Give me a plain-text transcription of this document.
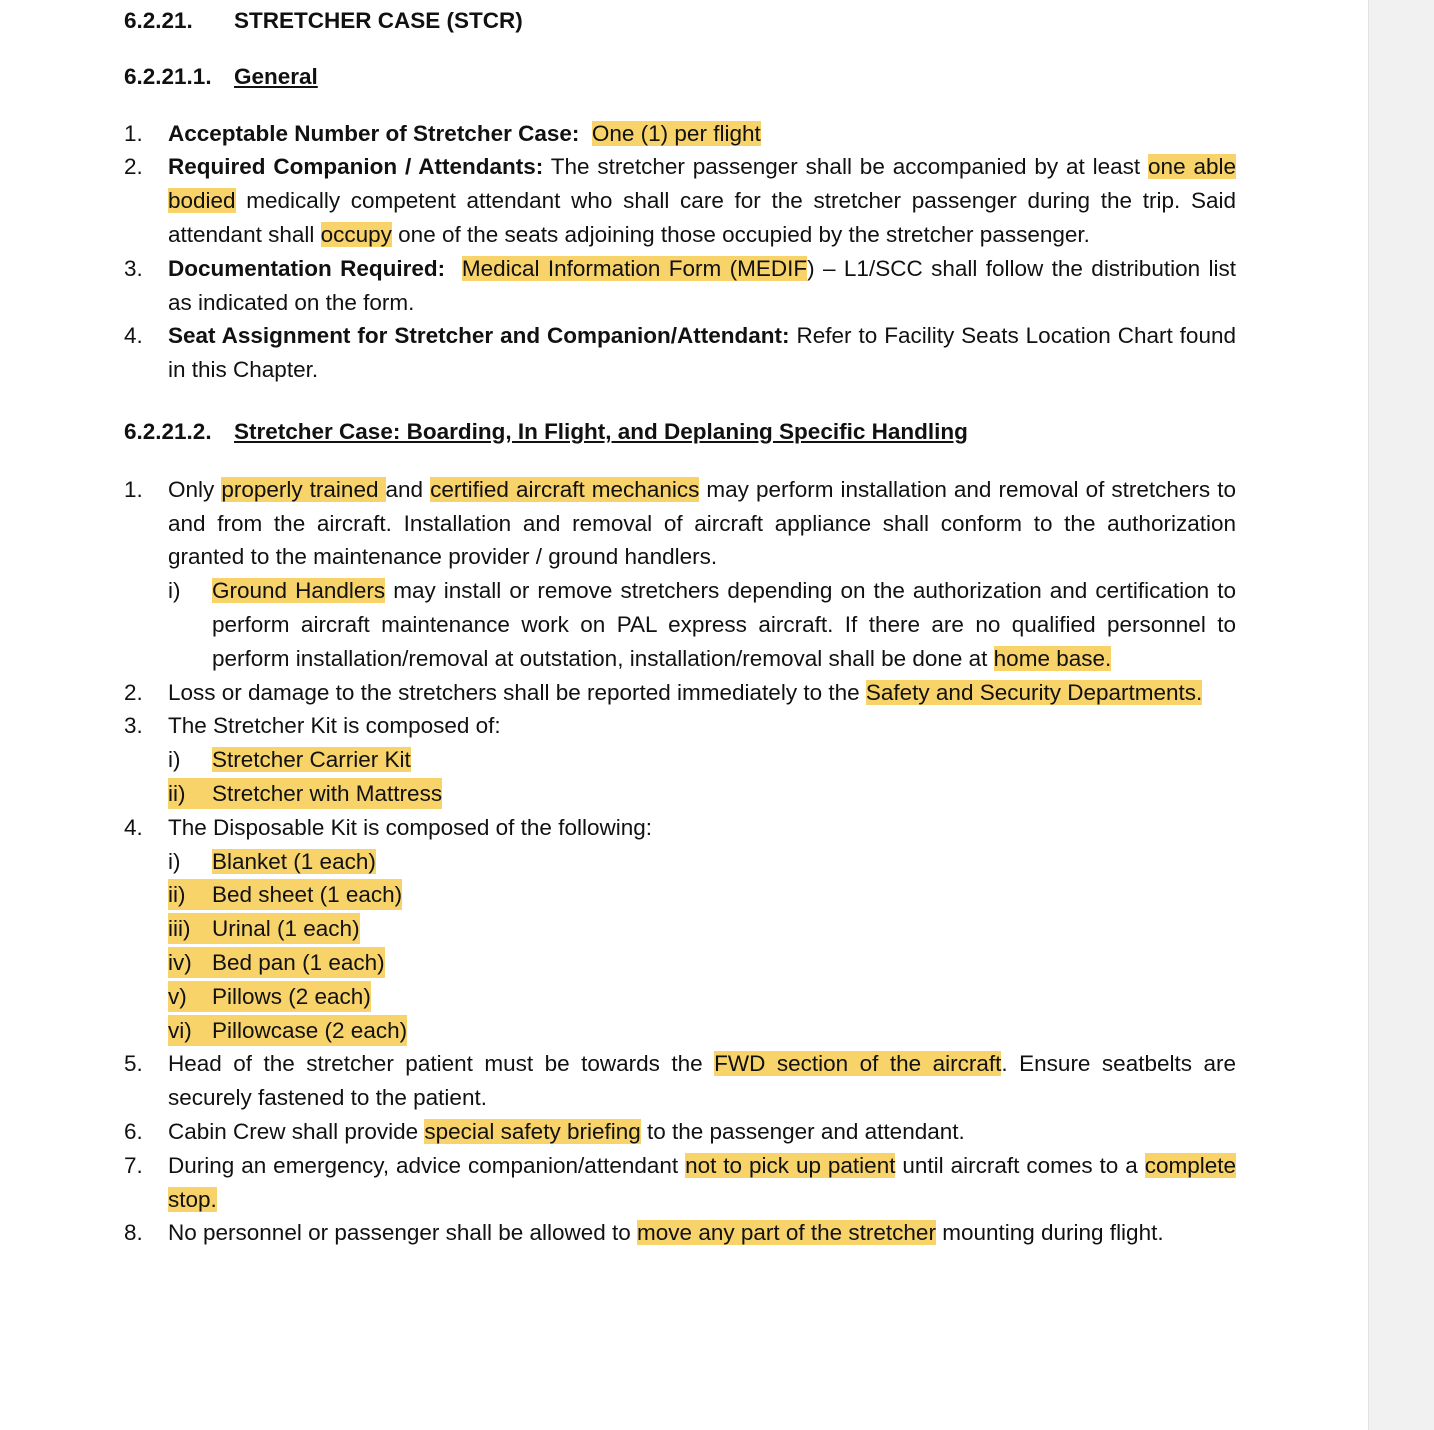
6.2.21. STRETCHER CASE (STCR)

6.2.21.1. General

1. Acceptable Number of Stretcher Case: One (1) per flight
2. Required Companion / Attendants: The stretcher passenger shall be accompanied by at least one able bodied medically competent attendant who shall care for the stretcher passenger during the trip. Said attendant shall occupy one of the seats adjoining those occupied by the stretcher passenger.
3. Documentation Required: Medical Information Form (MEDIF) – L1/SCC shall follow the distribution list as indicated on the form.
4. Seat Assignment for Stretcher and Companion/Attendant: Refer to Facility Seats Location Chart found in this Chapter.

6.2.21.2. Stretcher Case: Boarding, In Flight, and Deplaning Specific Handling

1. Only properly trained and certified aircraft mechanics may perform installation and removal of stretchers to and from the aircraft. Installation and removal of aircraft appliance shall conform to the authorization granted to the maintenance provider / ground handlers.
i) Ground Handlers may install or remove stretchers depending on the authorization and certification to perform aircraft maintenance work on PAL express aircraft. If there are no qualified personnel to perform installation/removal at outstation, installation/removal shall be done at home base.
2. Loss or damage to the stretchers shall be reported immediately to the Safety and Security Departments.
3. The Stretcher Kit is composed of:
i) Stretcher Carrier Kit
ii) Stretcher with Mattress
4. The Disposable Kit is composed of the following:
i) Blanket (1 each)
ii) Bed sheet (1 each)
iii) Urinal (1 each)
iv) Bed pan (1 each)
v) Pillows (2 each)
vi) Pillowcase (2 each)
5. Head of the stretcher patient must be towards the FWD section of the aircraft. Ensure seatbelts are securely fastened to the patient.
6. Cabin Crew shall provide special safety briefing to the passenger and attendant.
7. During an emergency, advice companion/attendant not to pick up patient until aircraft comes to a complete stop.
8. No personnel or passenger shall be allowed to move any part of the stretcher mounting during flight.
